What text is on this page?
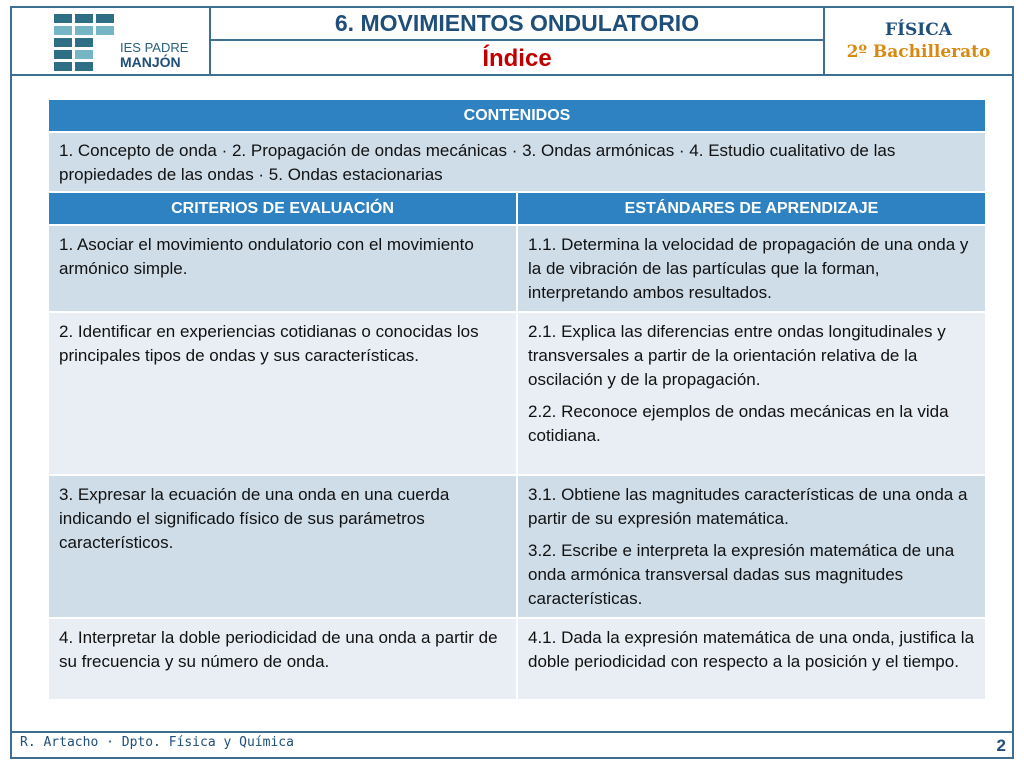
IES PADRE
MANJÓN
6. MOVIMIENTOS ONDULATORIO
Índice
FÍSICA
2º Bachillerato
CONTENIDOS	

1. Concepto de onda · 2. Propagación de ondas mecánicas · 3. Ondas armónicas · 4. Estudio cualitativo de las propiedades de las ondas · 5. Ondas estacionarias	

CRITERIOS DE EVALUACIÓN	ESTÁNDARES DE APRENDIZAJE

1. Asociar el movimiento ondulatorio con el movimiento armónico simple.	1.1. Determina la velocidad de propagación de una onda y la de vibración de las partículas que la forman, interpretando ambos resultados.

2. Identificar en experiencias cotidianas o conocidas los principales tipos de ondas y sus características.	2.1. Explica las diferencias entre ondas longitudinales y transversales a partir de la orientación relativa de la oscilación y de la propagación.

2.2. Reconoce ejemplos de ondas mecánicas en la vida cotidiana.

3. Expresar la ecuación de una onda en una cuerda indicando el significado físico de sus parámetros característicos.	3.1. Obtiene las magnitudes características de una onda a partir de su expresión matemática.

3.2. Escribe e interpreta la expresión matemática de una onda armónica transversal dadas sus magnitudes características.

4. Interpretar la doble periodicidad de una onda a partir de su frecuencia y su número de onda.	4.1. Dada la expresión matemática de una onda, justifica la doble periodicidad con respecto a la posición y el tiempo.

R. Artacho · Dpto. Física y Química	2
